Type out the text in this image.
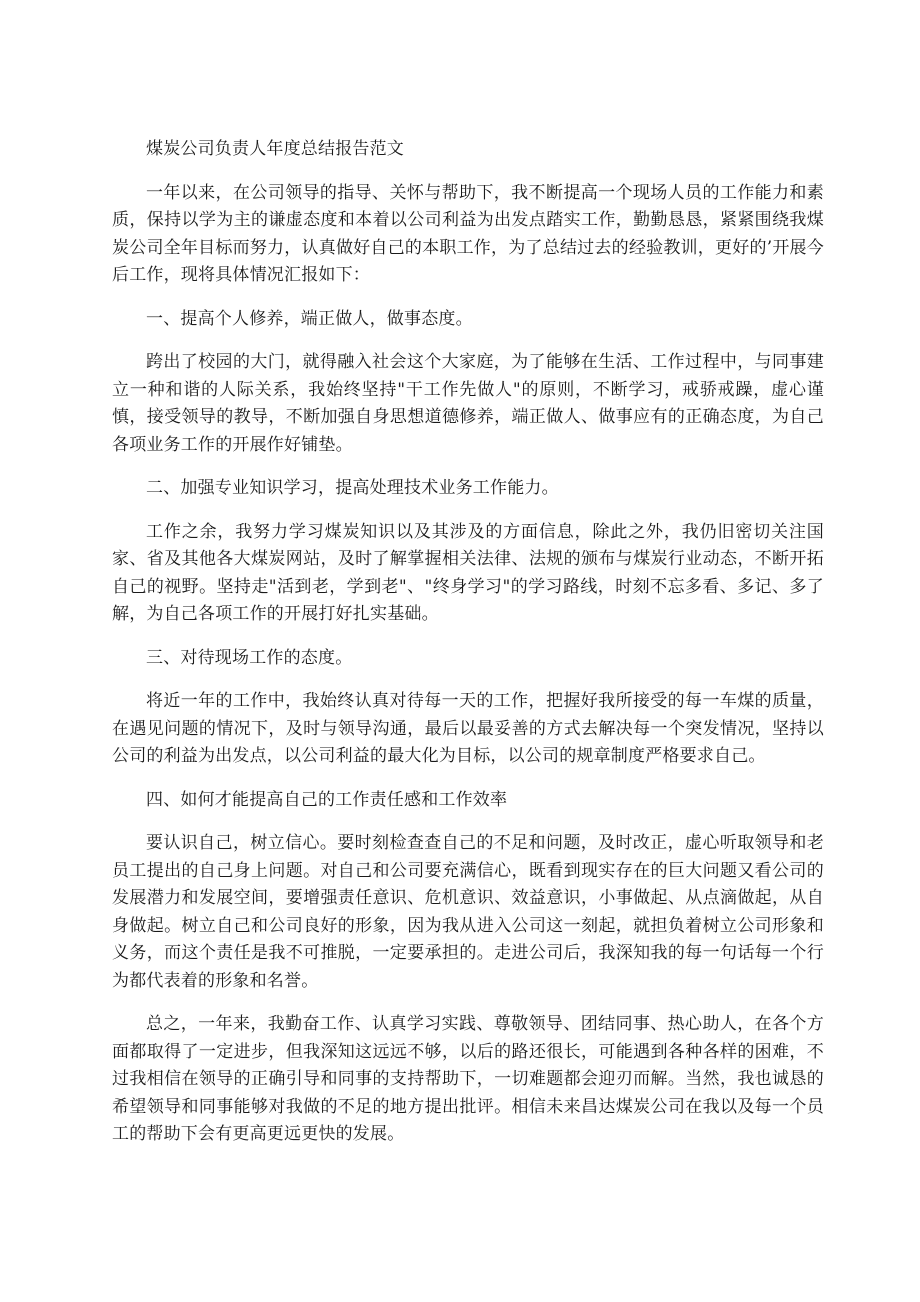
煤炭公司负责人年度总结报告范文

一年以来，在公司领导的指导、关怀与帮助下，我不断提高一个现场人员的工作能力和素质，保持以学为主的谦虚态度和本着以公司利益为出发点踏实工作，勤勤恳恳，紧紧围绕我煤炭公司全年目标而努力，认真做好自己的本职工作，为了总结过去的经验教训，更好的’开展今后工作，现将具体情况汇报如下：

一、提高个人修养，端正做人，做事态度。

跨出了校园的大门，就得融入社会这个大家庭，为了能够在生活、工作过程中，与同事建立一种和谐的人际关系，我始终坚持"干工作先做人"的原则，不断学习，戒骄戒躁，虚心谨慎，接受领导的教导，不断加强自身思想道德修养，端正做人、做事应有的正确态度，为自己各项业务工作的开展作好铺垫。

二、加强专业知识学习，提高处理技术业务工作能力。

工作之余，我努力学习煤炭知识以及其涉及的方面信息，除此之外，我仍旧密切关注国家、省及其他各大煤炭网站，及时了解掌握相关法律、法规的颁布与煤炭行业动态，不断开拓自己的视野。坚持走"活到老，学到老"、"终身学习"的学习路线，时刻不忘多看、多记、多了解，为自己各项工作的开展打好扎实基础。

三、对待现场工作的态度。

将近一年的工作中，我始终认真对待每一天的工作，把握好我所接受的每一车煤的质量，在遇见问题的情况下，及时与领导沟通，最后以最妥善的方式去解决每一个突发情况，坚持以公司的利益为出发点，以公司利益的最大化为目标，以公司的规章制度严格要求自己。

四、如何才能提高自己的工作责任感和工作效率

要认识自己，树立信心。要时刻检查查自己的不足和问题，及时改正，虚心听取领导和老员工提出的自己身上问题。对自己和公司要充满信心，既看到现实存在的巨大问题又看公司的发展潜力和发展空间，要增强责任意识、危机意识、效益意识，小事做起、从点滴做起，从自身做起。树立自己和公司良好的形象，因为我从进入公司这一刻起，就担负着树立公司形象和义务，而这个责任是我不可推脱，一定要承担的。走进公司后，我深知我的每一句话每一个行为都代表着的形象和名誉。

总之，一年来，我勤奋工作、认真学习实践、尊敬领导、团结同事、热心助人，在各个方面都取得了一定进步，但我深知这远远不够，以后的路还很长，可能遇到各种各样的困难，不过我相信在领导的正确引导和同事的支持帮助下，一切难题都会迎刃而解。当然，我也诚恳的希望领导和同事能够对我做的不足的地方提出批评。相信未来昌达煤炭公司在我以及每一个员工的帮助下会有更高更远更快的发展。
